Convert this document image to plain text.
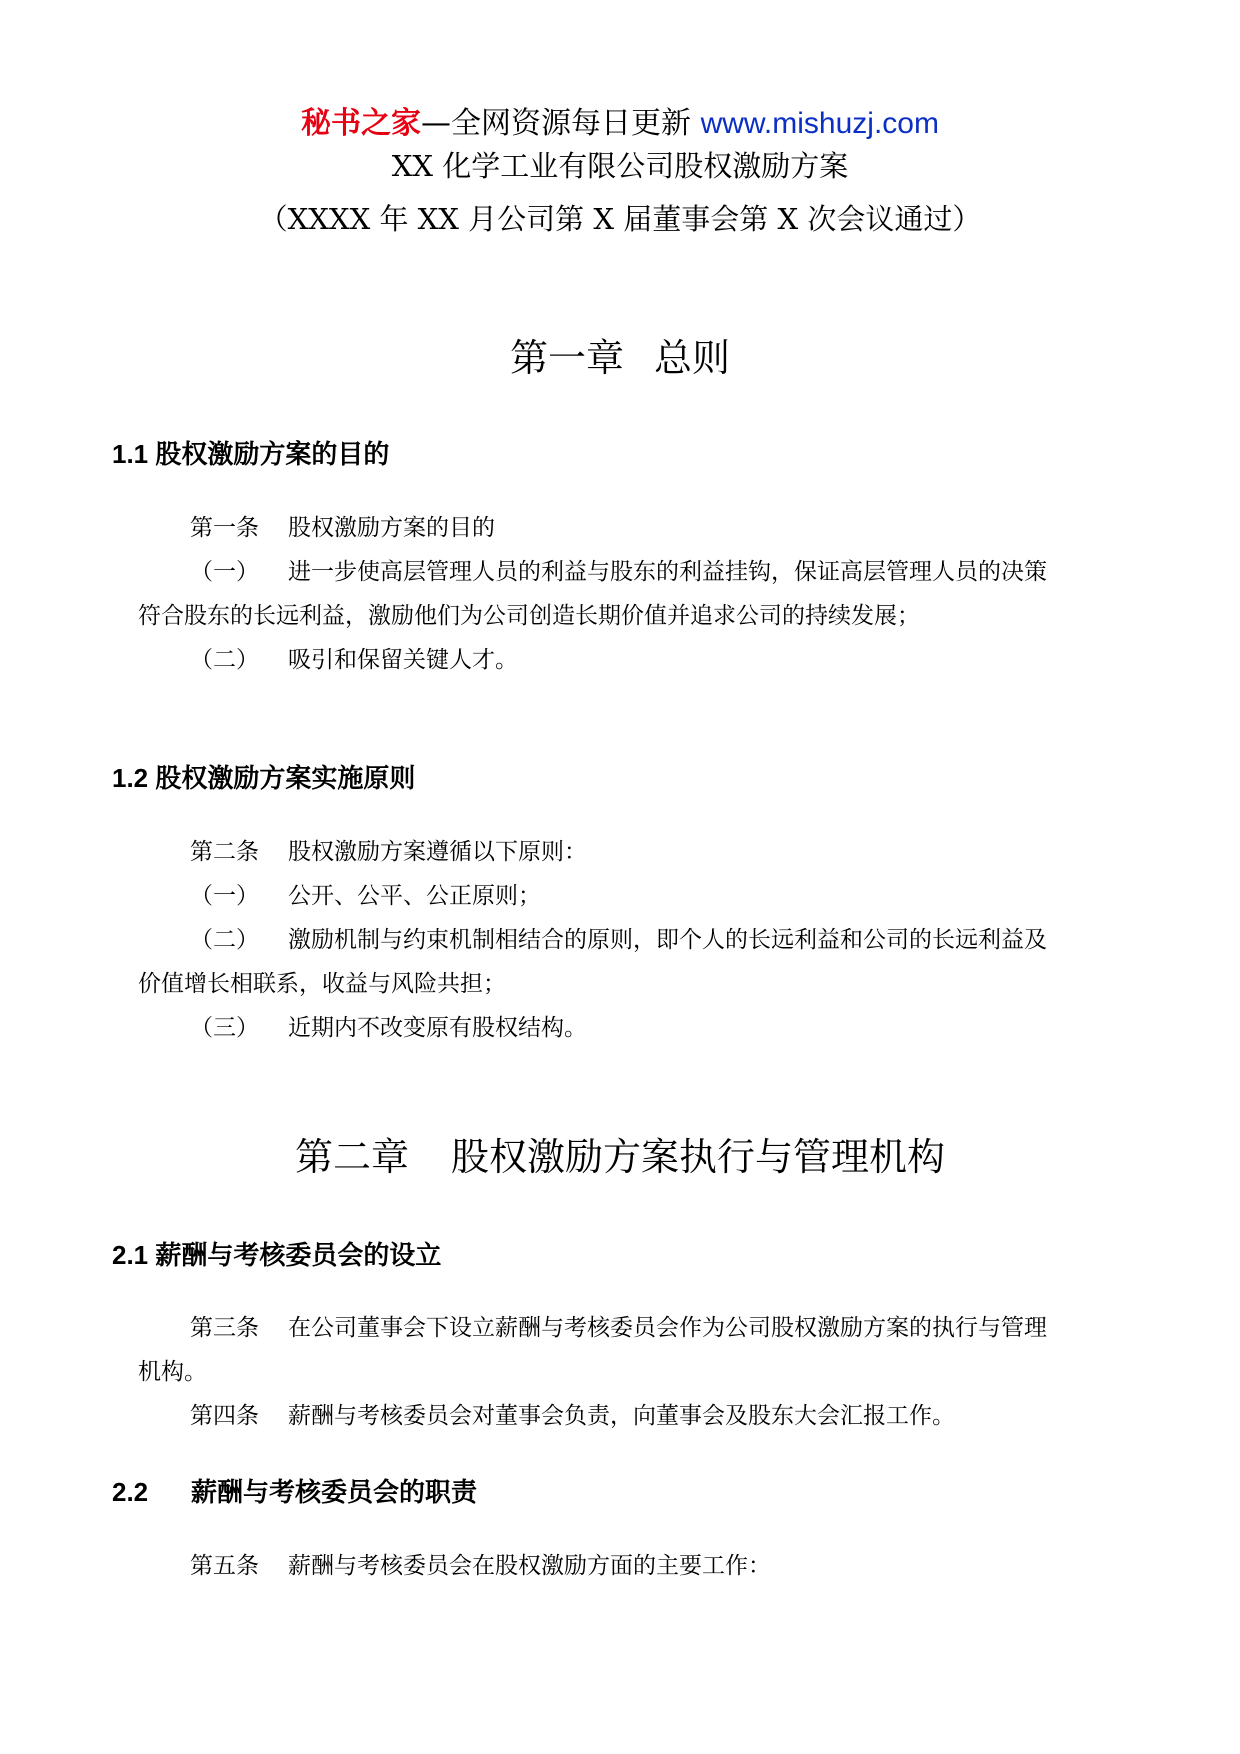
秘书之家—全网资源每日更新 www.mishuzj.com
XX 化学工业有限公司股权激励方案
（XXXX 年 XX 月公司第 X 届董事会第 X 次会议通过）
第一章 总则
1.1 股权激励方案的目的
第一条 股权激励方案的目的
（一） 进一步使高层管理人员的利益与股东的利益挂钩，保证高层管理人员的决策
符合股东的长远利益，激励他们为公司创造长期价值并追求公司的持续发展；
（二） 吸引和保留关键人才。
1.2 股权激励方案实施原则
第二条 股权激励方案遵循以下原则：
（一） 公开、公平、公正原则；
（二） 激励机制与约束机制相结合的原则，即个人的长远利益和公司的长远利益及
价值增长相联系，收益与风险共担；
（三） 近期内不改变原有股权结构。
第二章 股权激励方案执行与管理机构
2.1 薪酬与考核委员会的设立
第三条 在公司董事会下设立薪酬与考核委员会作为公司股权激励方案的执行与管理
机构。
第四条 薪酬与考核委员会对董事会负责，向董事会及股东大会汇报工作。
2.2 薪酬与考核委员会的职责
第五条 薪酬与考核委员会在股权激励方面的主要工作：
